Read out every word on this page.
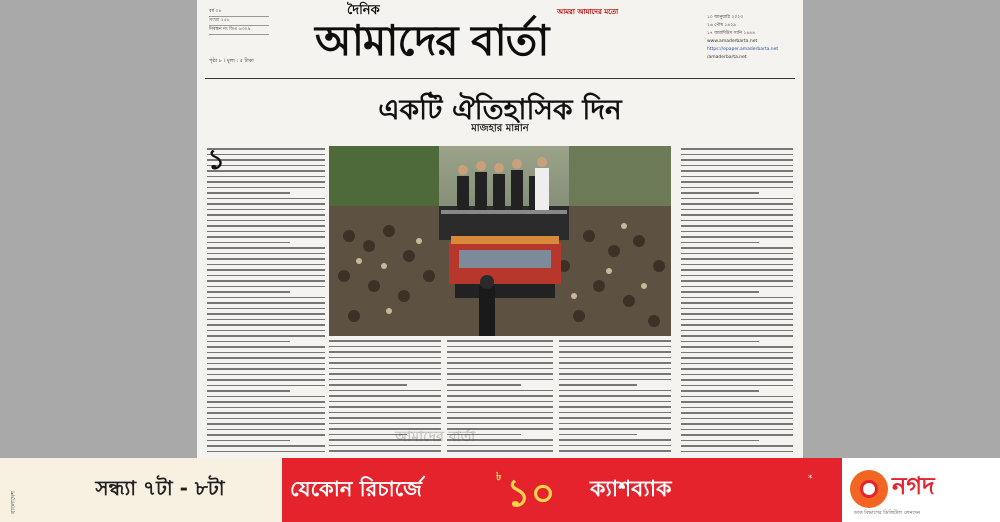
বর্ষ ০৪
সংখ্যা ২৫৮
নিবন্ধন নং ডিএ ৬৩০৯
পৃষ্ঠা ৮ । মূল্য : ৫ টাকা
দৈনিক
আমাদের বার্তা
আমরা আমাদের মতো
১০ জানুয়ারি ২০২৩
২৬ পৌষ ১৪২৯
১৭ জমাদিউস সানি ১৪৪৪
www.amaderbarta.net
https://epaper.amaderbarta.net
/amaderbarta.net
একটি ঐতিহাসিক দিন
মাজহার মান্নান
১
আমাদের বার্তা
বাংলাদেশ
সন্ধ্যা ৭টা - ৮টা	যেকোন রিচার্জে	৳ ১০ ক্যাশব্যাক	*	নগদ
ডাক বিভাগের ডিজিটাল লেনদেন
